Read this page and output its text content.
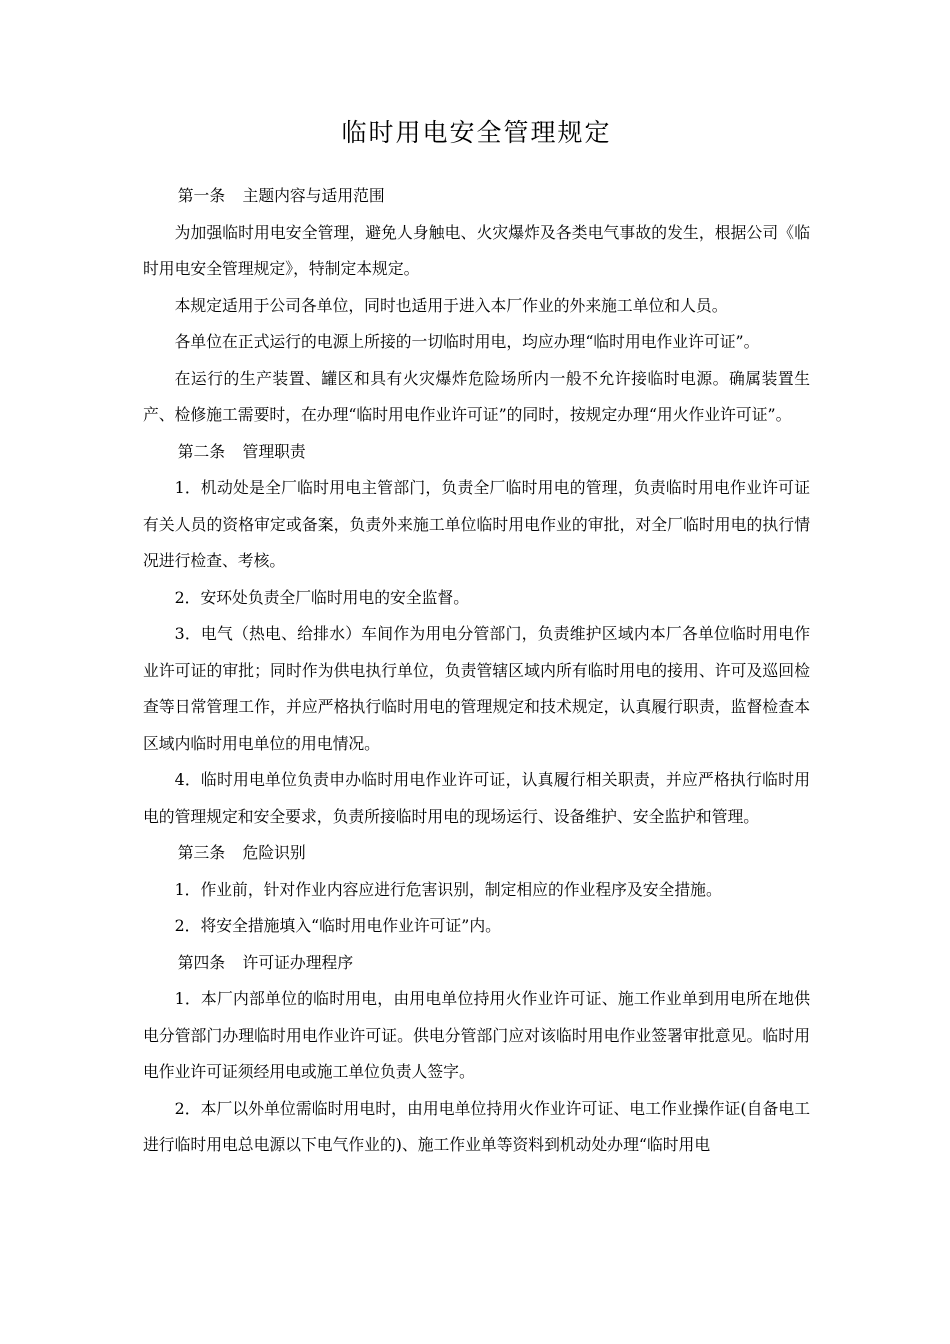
临时用电安全管理规定

第一条 主题内容与适用范围

为加强临时用电安全管理，避免人身触电、火灾爆炸及各类电气事故的发生，根据公司《临时用电安全管理规定》，特制定本规定。

本规定适用于公司各单位，同时也适用于进入本厂作业的外来施工单位和人员。

各单位在正式运行的电源上所接的一切临时用电，均应办理“临时用电作业许可证”。

在运行的生产装置、罐区和具有火灾爆炸危险场所内一般不允许接临时电源。确属装置生产、检修施工需要时，在办理“临时用电作业许可证”的同时，按规定办理“用火作业许可证”。

第二条 管理职责

1．机动处是全厂临时用电主管部门，负责全厂临时用电的管理，负责临时用电作业许可证有关人员的资格审定或备案，负责外来施工单位临时用电作业的审批，对全厂临时用电的执行情况进行检查、考核。

2．安环处负责全厂临时用电的安全监督。

3．电气（热电、给排水）车间作为用电分管部门，负责维护区域内本厂各单位临时用电作业许可证的审批；同时作为供电执行单位，负责管辖区域内所有临时用电的接用、许可及巡回检查等日常管理工作，并应严格执行临时用电的管理规定和技术规定，认真履行职责，监督检查本区域内临时用电单位的用电情况。

4．临时用电单位负责申办临时用电作业许可证，认真履行相关职责，并应严格执行临时用电的管理规定和安全要求，负责所接临时用电的现场运行、设备维护、安全监护和管理。

第三条 危险识别

1．作业前，针对作业内容应进行危害识别，制定相应的作业程序及安全措施。

2．将安全措施填入“临时用电作业许可证”内。

第四条 许可证办理程序

1．本厂内部单位的临时用电，由用电单位持用火作业许可证、施工作业单到用电所在地供电分管部门办理临时用电作业许可证。供电分管部门应对该临时用电作业签署审批意见。临时用电作业许可证须经用电或施工单位负责人签字。

2．本厂以外单位需临时用电时，由用电单位持用火作业许可证、电工作业操作证(自备电工进行临时用电总电源以下电气作业的)、施工作业单等资料到机动处办理“临时用电
